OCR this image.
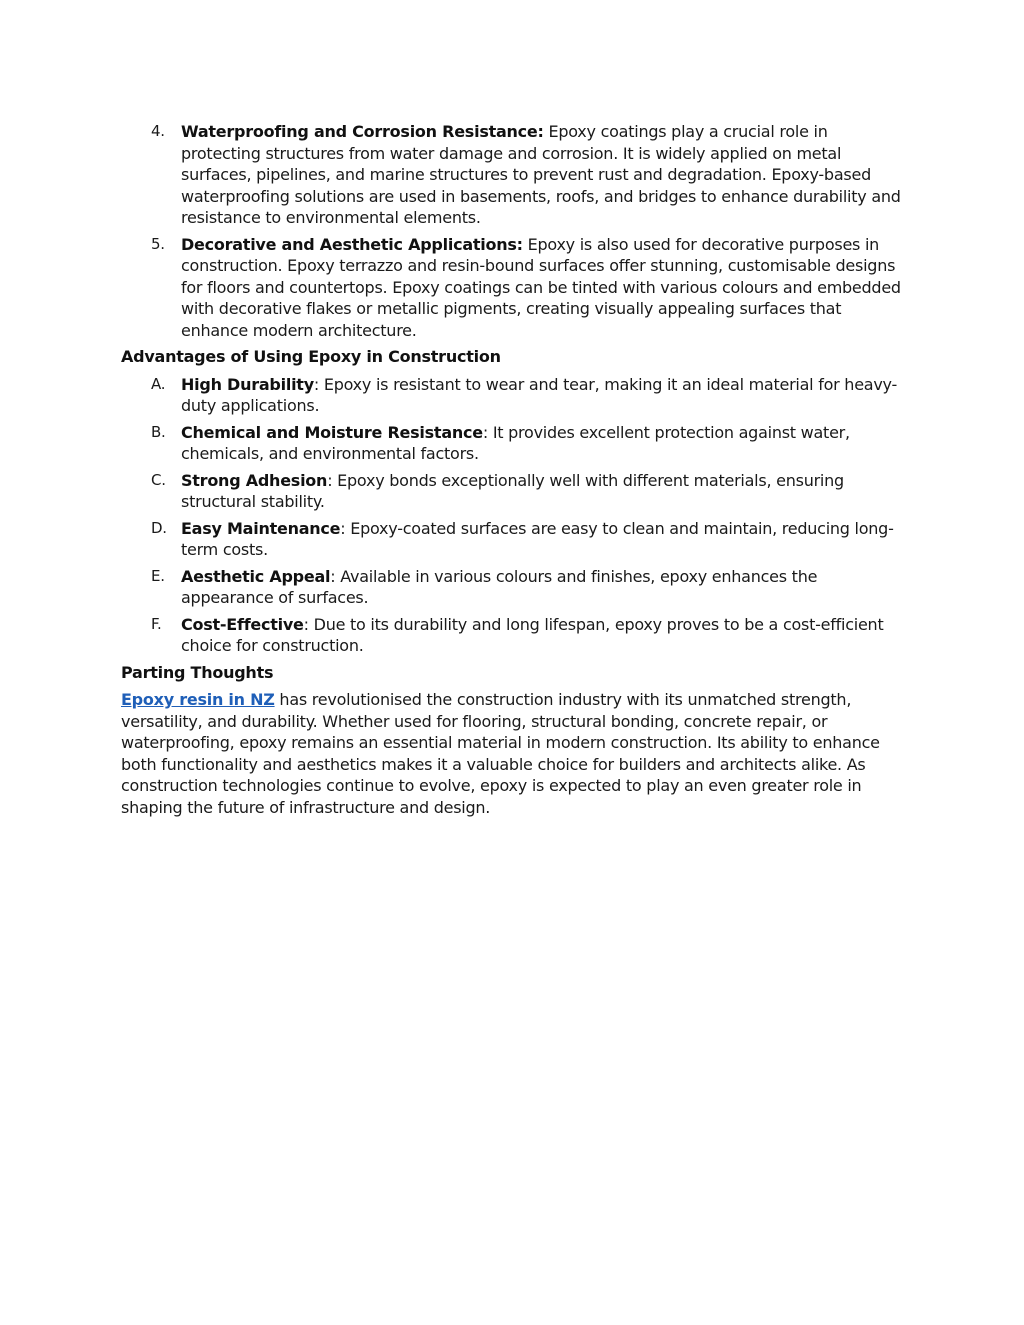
4. Waterproofing and Corrosion Resistance: Epoxy coatings play a crucial role in protecting structures from water damage and corrosion. It is widely applied on metal surfaces, pipelines, and marine structures to prevent rust and degradation. Epoxy-based waterproofing solutions are used in basements, roofs, and bridges to enhance durability and resistance to environmental elements.
5. Decorative and Aesthetic Applications: Epoxy is also used for decorative purposes in construction. Epoxy terrazzo and resin-bound surfaces offer stunning, customisable designs for floors and countertops. Epoxy coatings can be tinted with various colours and embedded with decorative flakes or metallic pigments, creating visually appealing surfaces that enhance modern architecture.
Advantages of Using Epoxy in Construction
A. High Durability: Epoxy is resistant to wear and tear, making it an ideal material for heavy-duty applications.
B. Chemical and Moisture Resistance: It provides excellent protection against water, chemicals, and environmental factors.
C. Strong Adhesion: Epoxy bonds exceptionally well with different materials, ensuring structural stability.
D. Easy Maintenance: Epoxy-coated surfaces are easy to clean and maintain, reducing long-term costs.
E. Aesthetic Appeal: Available in various colours and finishes, epoxy enhances the appearance of surfaces.
F. Cost-Effective: Due to its durability and long lifespan, epoxy proves to be a cost-efficient choice for construction.
Parting Thoughts

Epoxy resin in NZ has revolutionised the construction industry with its unmatched strength, versatility, and durability. Whether used for flooring, structural bonding, concrete repair, or waterproofing, epoxy remains an essential material in modern construction. Its ability to enhance both functionality and aesthetics makes it a valuable choice for builders and architects alike. As construction technologies continue to evolve, epoxy is expected to play an even greater role in shaping the future of infrastructure and design.
